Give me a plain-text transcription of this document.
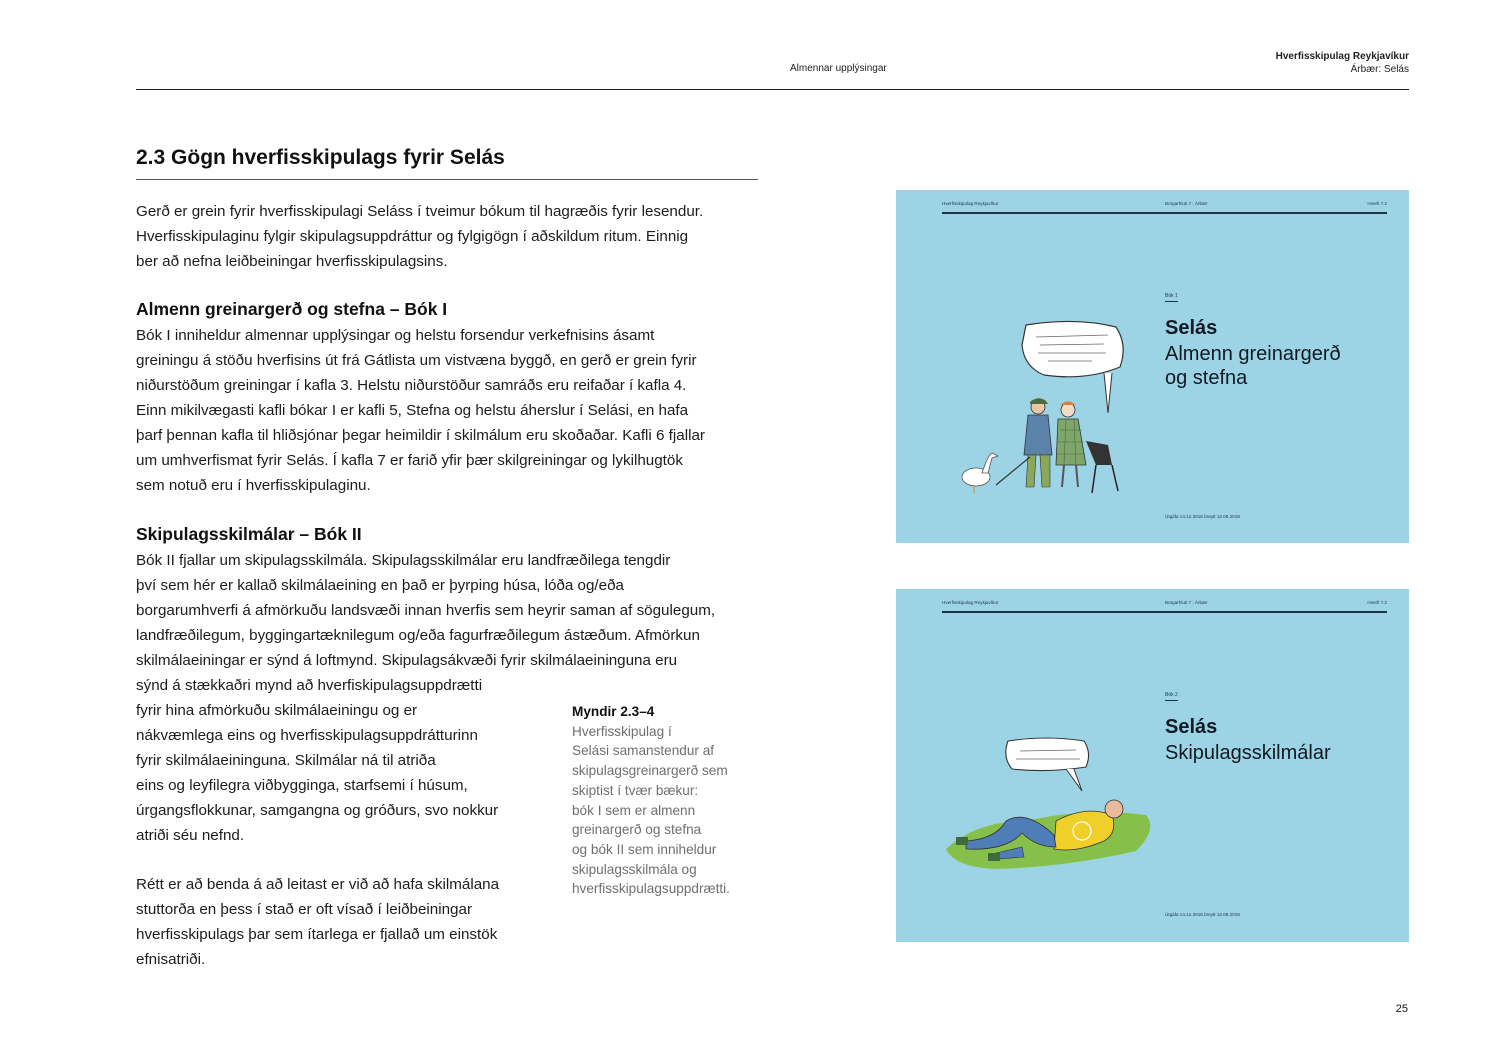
Almennar upplýsingar
Hverfisskipulag Reykjavíkur
Árbær: Selás
2.3 Gögn hverfisskipulags fyrir Selás
Gerð er grein fyrir hverfisskipulagi Seláss í tveimur bókum til hagræðis fyrir lesendur.
Hverfisskipulaginu fylgir skipulagsuppdráttur og fylgigögn í aðskildum ritum. Einnig
ber að nefna leiðbeiningar hverfisskipulagsins.
Almenn greinargerð og stefna – Bók I
Bók I inniheldur almennar upplýsingar og helstu forsendur verkefnisins ásamt
greiningu á stöðu hverfisins út frá Gátlista um vistvæna byggð, en gerð er grein fyrir
niðurstöðum greiningar í kafla 3. Helstu niðurstöður samráðs eru reifaðar í kafla 4.
Einn mikilvægasti kafli bókar I er kafli 5, Stefna og helstu áherslur í Selási, en hafa
þarf þennan kafla til hliðsjónar þegar heimildir í skilmálum eru skoðaðar. Kafli 6 fjallar
um umhverfismat fyrir Selás. Í kafla 7 er farið yfir þær skilgreiningar og lykilhugtök
sem notuð eru í hverfisskipulaginu.
Skipulagsskilmálar – Bók II
Bók II fjallar um skipulagsskilmála. Skipulagsskilmálar eru landfræðilega tengdir
því sem hér er kallað skilmálaeining en það er þyrping húsa, lóða og/eða
borgarumhverfi á afmörkuðu landsvæði innan hverfis sem heyrir saman af sögulegum,
landfræðilegum, byggingartæknilegum og/eða fagurfræðilegum ástæðum. Afmörkun
skilmálaeiningar er sýnd á loftmynd. Skipulagsákvæði fyrir skilmálaeininguna eru
sýnd á stækkaðri mynd að hverfiskipulagsuppdrætti
fyrir hina afmörkuðu skilmálaeiningu og er
nákvæmlega eins og hverfisskipulagsuppdrátturinn
fyrir skilmálaeininguna. Skilmálar ná til atriða
eins og leyfilegra viðbygginga, starfsemi í húsum,
úrgangsflokkunar, samgangna og gróðurs, svo nokkur
atriði séu nefnd.
Rétt er að benda á að leitast er við að hafa skilmálana
stuttorða en þess í stað er oft vísað í leiðbeiningar
hverfisskipulags þar sem ítarlega er fjallað um einstök
efnisatriði.
Myndir 2.3–4
Hverfisskipulag í
Selási samanstendur af
skipulagsgreinargerð sem
skiptist í tvær bækur:
bók I sem er almenn
greinargerð og stefna
og bók II sem inniheldur
skipulagsskilmála og
hverfisskipulagsuppdrætti.
Hverfisskipulag Reykjavíkur	Borgarhluti 7 : Árbær	Hverfi 7.2
Bók 1
Selás
Almenn greinargerð
og stefna
Útgáfa 14.12.2018 breytt 12.09.2019
Hverfisskipulag Reykjavíkur	Borgarhluti 7 : Árbær	Hverfi 7.2
Bók 2
Selás
Skipulagsskilmálar
Útgáfa 14.12.2018 breytt 12.09.2019
25
